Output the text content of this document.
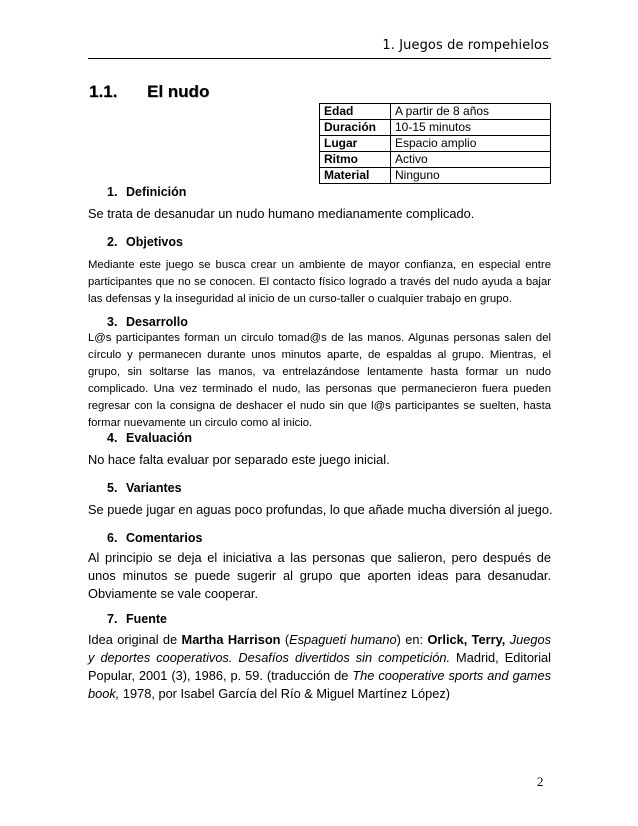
1. Juegos de rompehielos
1.1. El nudo
Edad	A partir de 8 años
Duración	10-15 minutos
Lugar	Espacio amplio
Ritmo	Activo
Material	Ninguno
1. Definición
Se trata de desanudar un nudo humano medianamente complicado.
2. Objetivos
Mediante este juego se busca crear un ambiente de mayor confianza, en especial entre participantes que no se conocen. El contacto físico logrado a través del nudo ayuda a bajar las defensas y la inseguridad al inicio de un curso-taller o cualquier trabajo en grupo.
3. Desarrollo
L@s participantes forman un circulo tomad@s de las manos. Algunas personas salen del círculo y permanecen durante unos minutos aparte, de espaldas al grupo. Mientras, el grupo, sin soltarse las manos, va entrelazándose lentamente hasta formar un nudo complicado. Una vez terminado el nudo, las personas que permanecieron fuera pueden regresar con la consigna de deshacer el nudo sin que l@s participantes se suelten, hasta formar nuevamente un circulo como al inicio.
4. Evaluación
No hace falta evaluar por separado este juego inicial.
5. Variantes
Se puede jugar en aguas poco profundas, lo que añade mucha diversión al juego.
6. Comentarios
Al principio se deja el iniciativa a las personas que salieron, pero después de unos minutos se puede sugerir al grupo que aporten ideas para desanudar. Obviamente se vale cooperar.
7. Fuente
Idea original de Martha Harrison (Espagueti humano) en: Orlick, Terry, Juegos y deportes cooperativos. Desafíos divertidos sin competición. Madrid, Editorial Popular, 2001 (3), 1986, p. 59. (traducción de The cooperative sports and games book, 1978, por Isabel García del Río & Miguel Martínez López)
2
